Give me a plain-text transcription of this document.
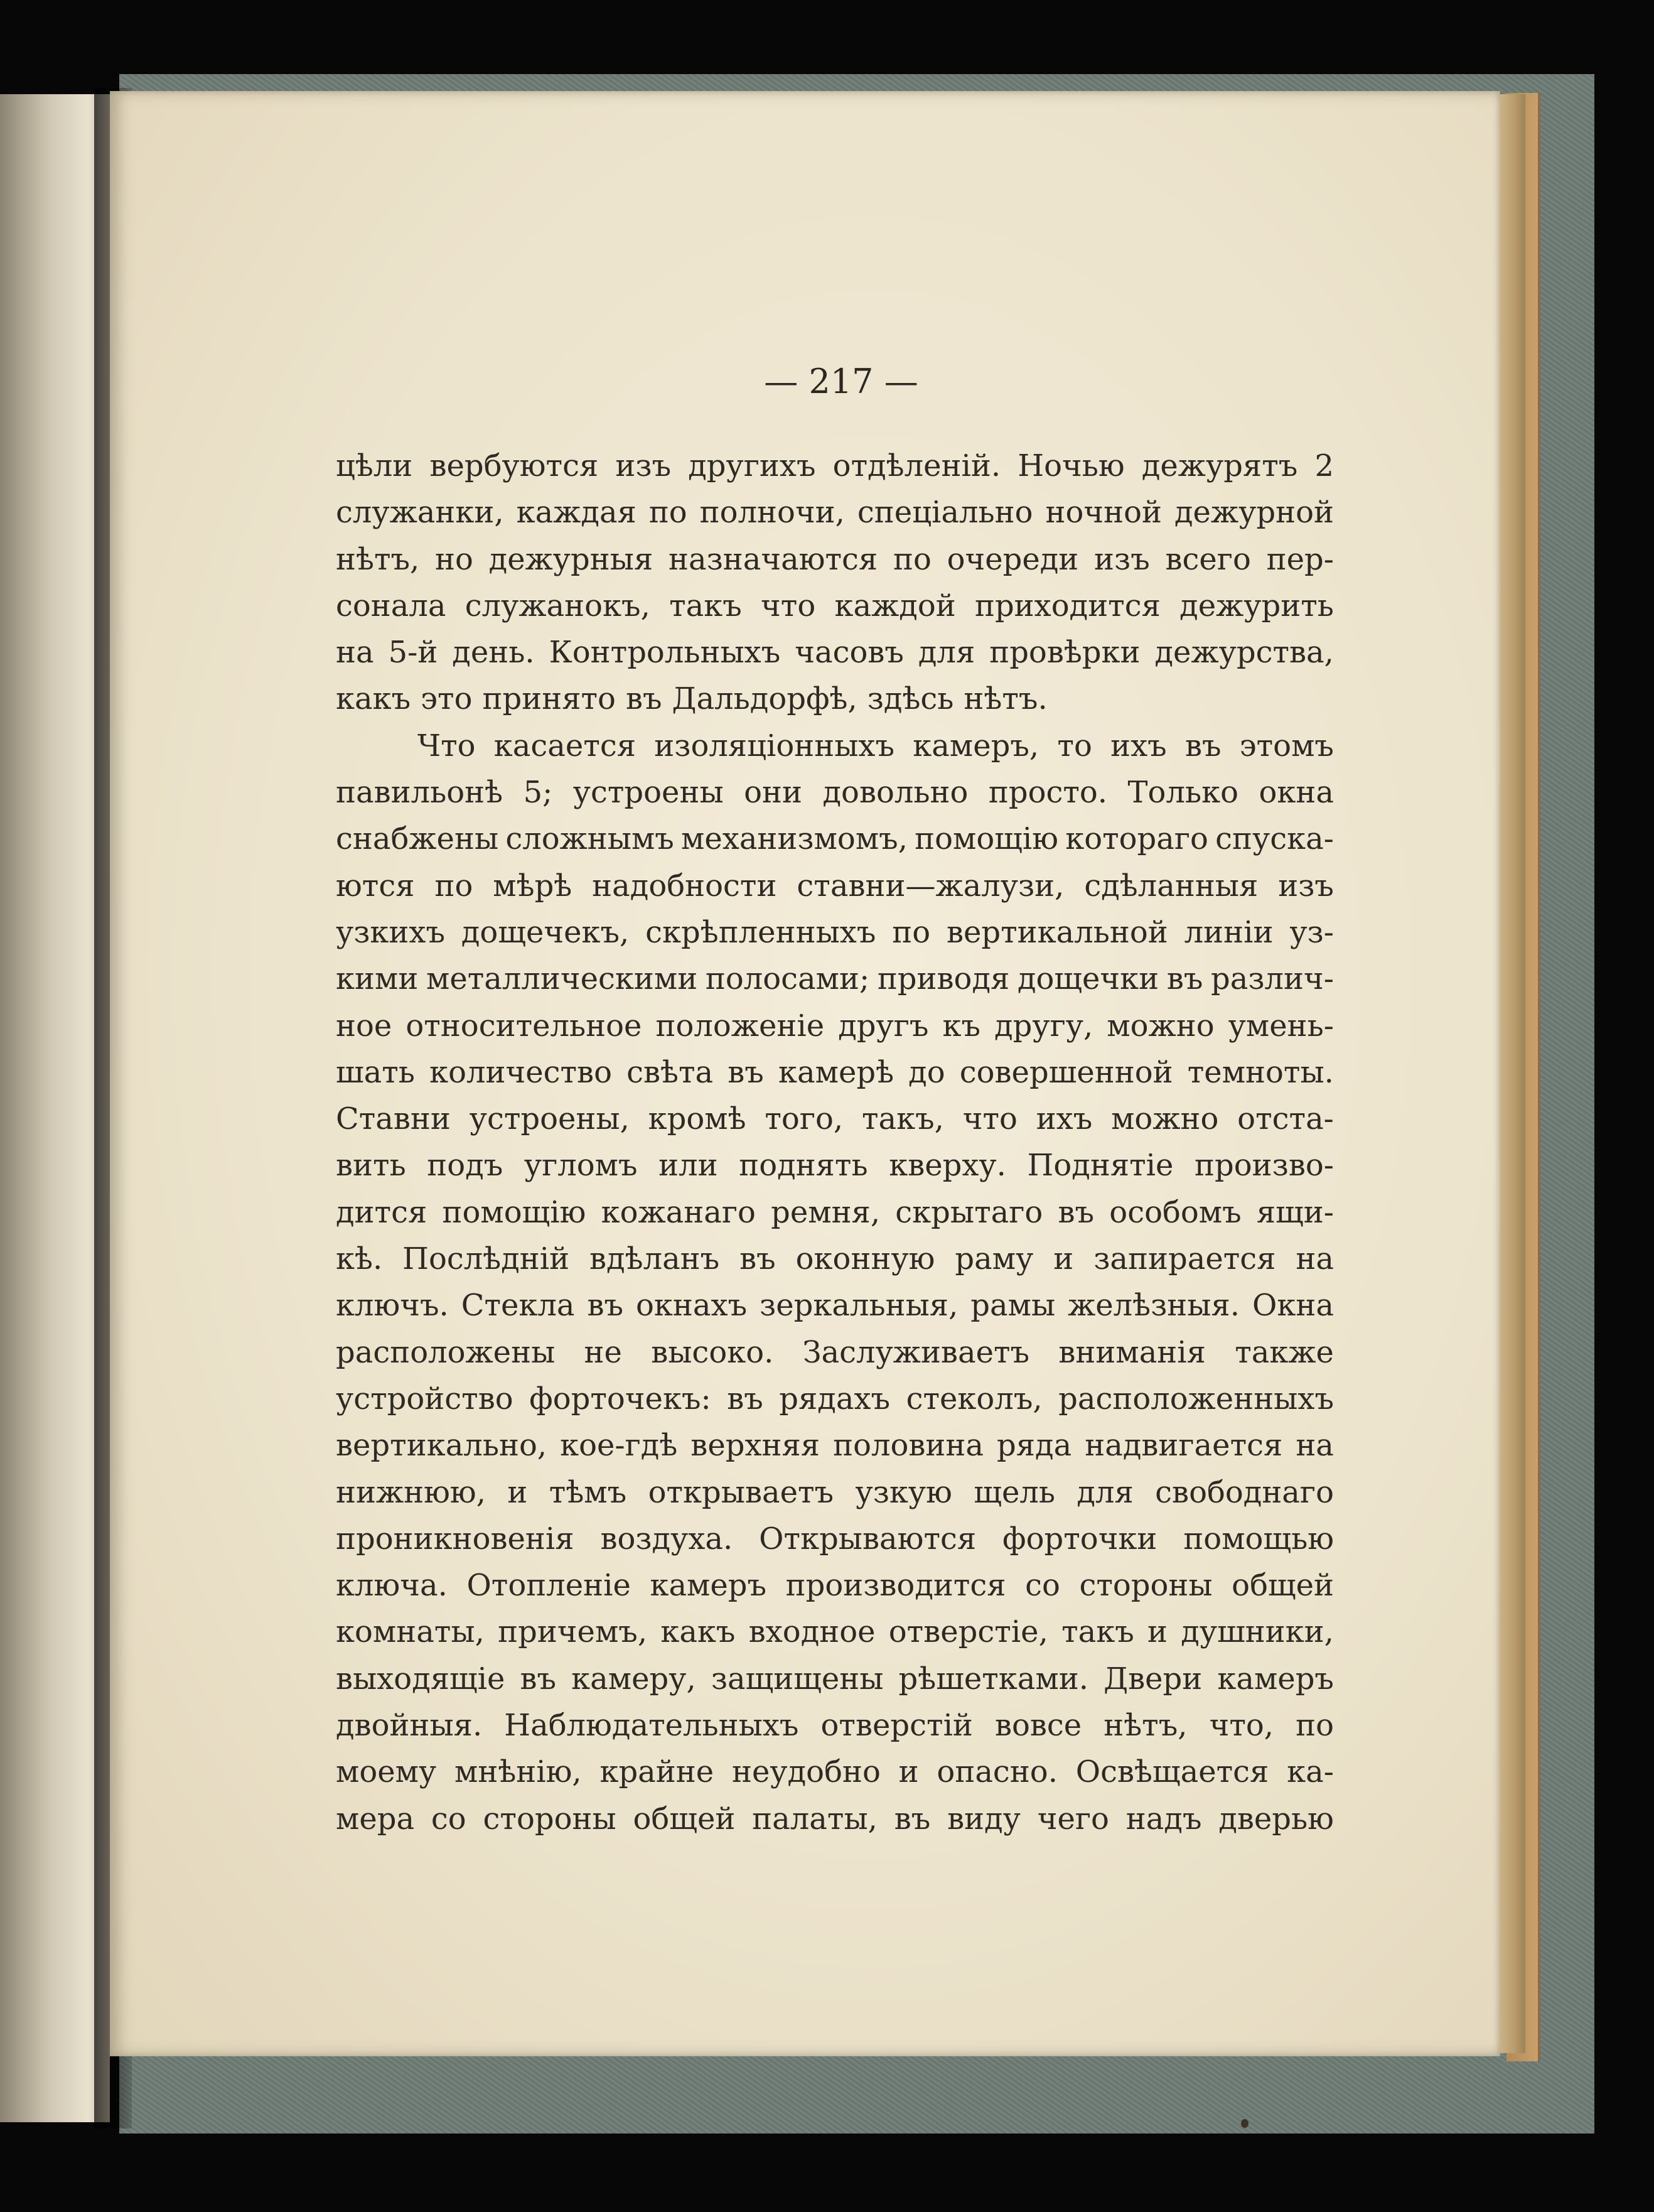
— 217 —
цѣли вербуются изъ другихъ отдѣленій. Ночью дежурятъ 2
служанки, каждая по полночи, спеціально ночной дежурной
нѣтъ, но дежурныя назначаются по очереди изъ всего пер-
сонала служанокъ, такъ что каждой приходится дежурить
на 5-й день. Контрольныхъ часовъ для провѣрки дежурства,
какъ это принято въ Дальдорфѣ, здѣсь нѣтъ.
Что касается изоляціонныхъ камеръ, то ихъ въ этомъ
павильонѣ 5; устроены они довольно просто. Только окна
снабжены сложнымъ механизмомъ, помощію котораго спуска-
ются по мѣрѣ надобности ставни—жалузи, сдѣланныя изъ
узкихъ дощечекъ, скрѣпленныхъ по вертикальной линіи уз-
кими металлическими полосами; приводя дощечки въ различ-
ное относительное положеніе другъ къ другу, можно умень-
шать количество свѣта въ камерѣ до совершенной темноты.
Ставни устроены, кромѣ того, такъ, что ихъ можно отста-
вить подъ угломъ или поднять кверху. Поднятіе произво-
дится помощію кожанаго ремня, скрытаго въ особомъ ящи-
кѣ. Послѣдній вдѣланъ въ оконную раму и запирается на
ключъ. Стекла въ окнахъ зеркальныя, рамы желѣзныя. Окна
расположены не высоко. Заслуживаетъ вниманія также
устройство форточекъ: въ рядахъ стеколъ, расположенныхъ
вертикально, кое-гдѣ верхняя половина ряда надвигается на
нижнюю, и тѣмъ открываетъ узкую щель для свободнаго
проникновенія воздуха. Открываются форточки помощью
ключа. Отопленіе камеръ производится со стороны общей
комнаты, причемъ, какъ входное отверстіе, такъ и душники,
выходящіе въ камеру, защищены рѣшетками. Двери камеръ
двойныя. Наблюдательныхъ отверстій вовсе нѣтъ, что, по
моему мнѣнію, крайне неудобно и опасно. Освѣщается ка-
мера со стороны общей палаты, въ виду чего надъ дверью
